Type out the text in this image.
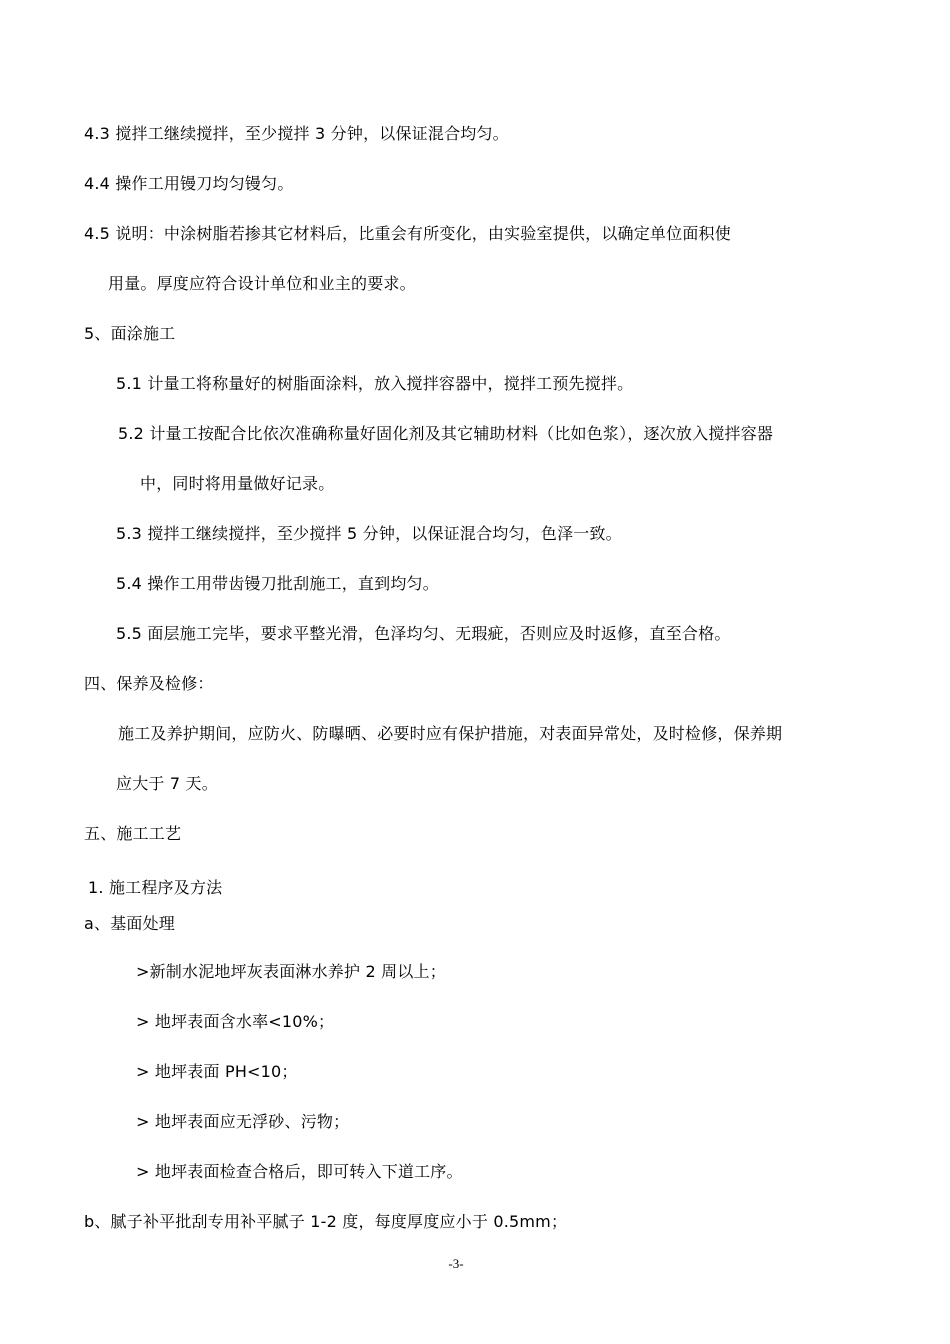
4.3 搅拌工继续搅拌，至少搅拌 3 分钟，以保证混合均匀。
4.4 操作工用镘刀均匀镘匀。
4.5 说明：中涂树脂若掺其它材料后，比重会有所变化，由实验室提供，以确定单位面积使
用量。厚度应符合设计单位和业主的要求。
5、面涂施工
5.1 计量工将称量好的树脂面涂料，放入搅拌容器中，搅拌工预先搅拌。
5.2 计量工按配合比依次准确称量好固化剂及其它辅助材料（比如色浆），逐次放入搅拌容器
中，同时将用量做好记录。
5.3 搅拌工继续搅拌，至少搅拌 5 分钟，以保证混合均匀，色泽一致。
5.4 操作工用带齿镘刀批刮施工，直到均匀。
5.5 面层施工完毕，要求平整光滑，色泽均匀、无瑕疵，否则应及时返修，直至合格。
四、保养及检修：
施工及养护期间，应防火、防曝晒、必要时应有保护措施，对表面异常处，及时检修，保养期
应大于 7 天。
五、施工工艺
1. 施工程序及方法
a、基面处理
>新制水泥地坪灰表面淋水养护 2 周以上；
> 地坪表面含水率<10%；
> 地坪表面 PH<10；
> 地坪表面应无浮砂、污物；
> 地坪表面检查合格后，即可转入下道工序。
b、腻子补平批刮专用补平腻子 1-2 度，每度厚度应小于 0.5mm；
-3-
